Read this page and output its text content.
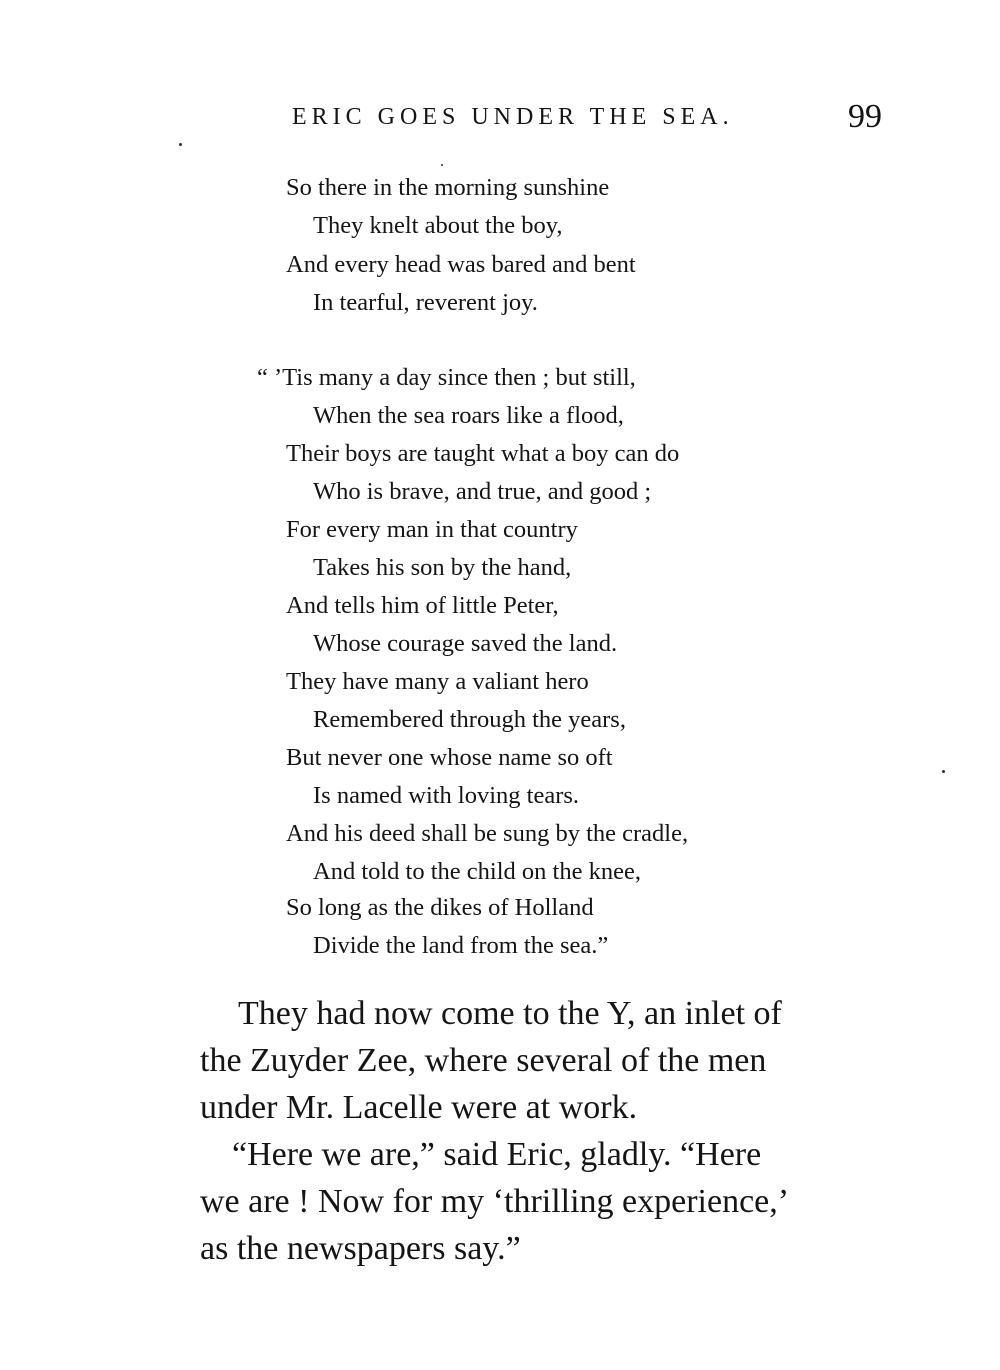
ERIC GOES UNDER THE SEA.	99
So there in the morning sunshine
They knelt about the boy,
And every head was bared and bent
In tearful, reverent joy.
“ ’Tis many a day since then ; but still,
When the sea roars like a flood,
Their boys are taught what a boy can do
Who is brave, and true, and good ;
For every man in that country
Takes his son by the hand,
And tells him of little Peter,
Whose courage saved the land.
They have many a valiant hero
Remembered through the years,
But never one whose name so oft
Is named with loving tears.
And his deed shall be sung by the cradle,
And told to the child on the knee,
So long as the dikes of Holland
Divide the land from the sea.”
They had now come to the Y, an inlet of
the Zuyder Zee, where several of the men
under Mr. Lacelle were at work.
“Here we are,” said Eric, gladly. “Here
we are ! Now for my ‘thrilling experience,’
as the newspapers say.”
